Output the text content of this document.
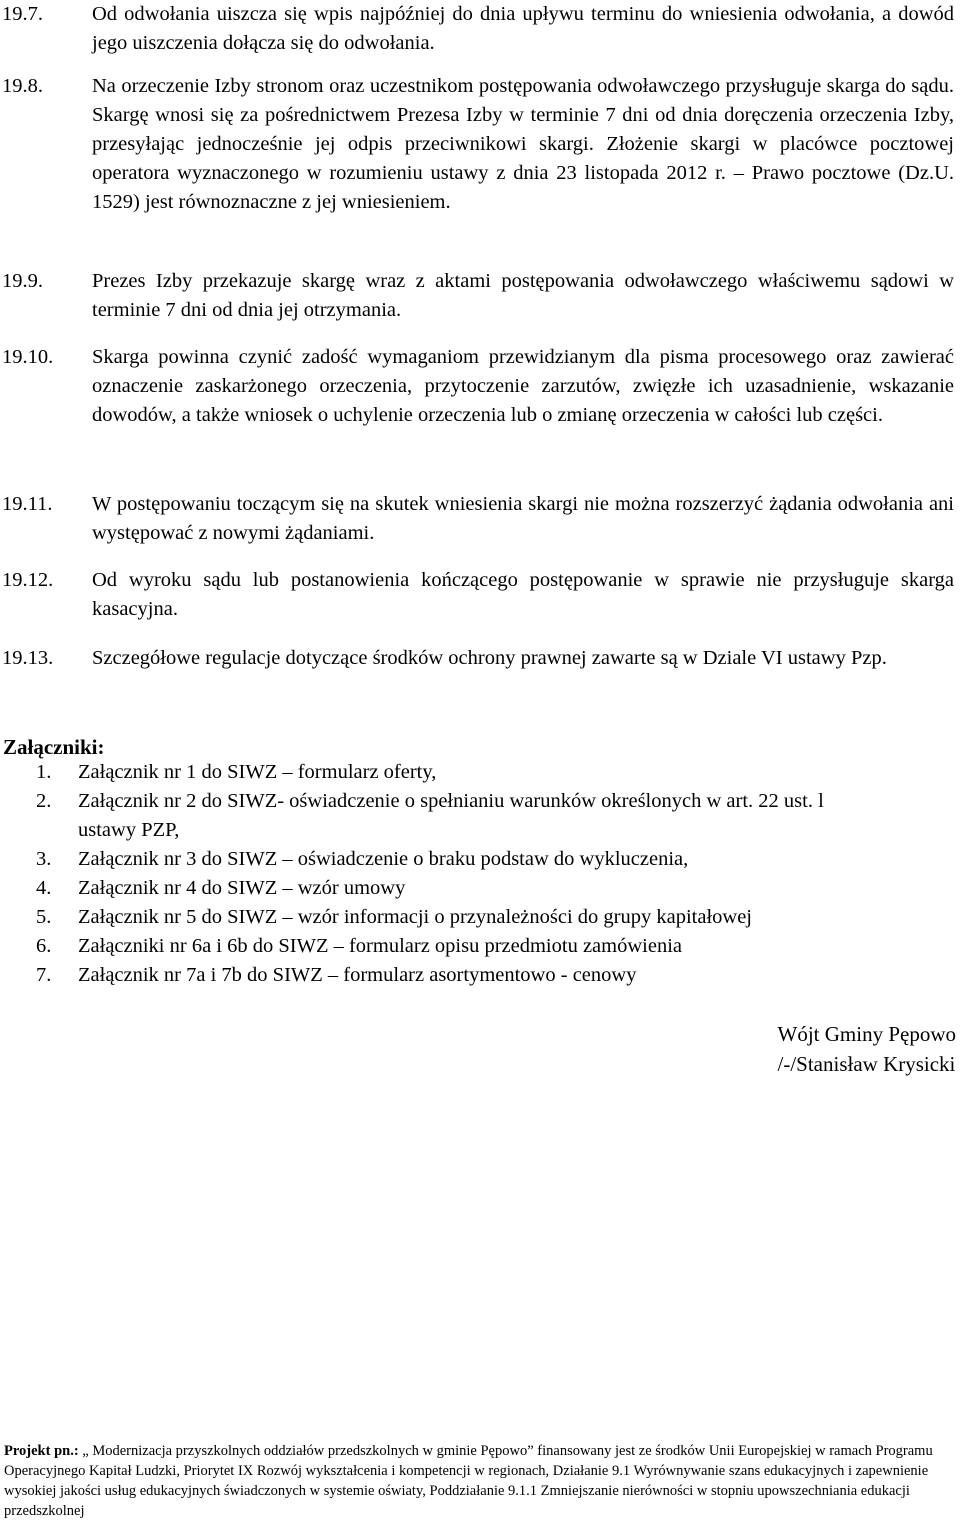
19.7.	Od odwołania uiszcza się wpis najpóźniej do dnia upływu terminu do wniesienia odwołania, a dowód jego uiszczenia dołącza się do odwołania.
19.8.	Na orzeczenie Izby stronom oraz uczestnikom postępowania odwoławczego przysługuje skarga do sądu. Skargę wnosi się za pośrednictwem Prezesa Izby w terminie 7 dni od dnia doręczenia orzeczenia Izby, przesyłając jednocześnie jej odpis przeciwnikowi skargi. Złożenie skargi w placówce pocztowej operatora wyznaczonego w rozumieniu ustawy z dnia 23 listopada 2012 r. – Prawo pocztowe (Dz.U. 1529) jest równoznaczne z jej wniesieniem.
19.9.	Prezes Izby przekazuje skargę wraz z aktami postępowania odwoławczego właściwemu sądowi w terminie 7 dni od dnia jej otrzymania.
19.10.	Skarga powinna czynić zadość wymaganiom przewidzianym dla pisma procesowego oraz zawierać oznaczenie zaskarżonego orzeczenia, przytoczenie zarzutów, zwięzłe ich uzasadnienie, wskazanie dowodów, a także wniosek o uchylenie orzeczenia lub o zmianę orzeczenia w całości lub części.
19.11.	W postępowaniu toczącym się na skutek wniesienia skargi nie można rozszerzyć żądania odwołania ani występować z nowymi żądaniami.
19.12.	Od wyroku sądu lub postanowienia kończącego postępowanie w sprawie nie przysługuje skarga kasacyjna.
19.13.	Szczegółowe regulacje dotyczące środków ochrony prawnej zawarte są w Dziale VI ustawy Pzp.
Załączniki:
1.	Załącznik nr 1 do SIWZ – formularz oferty,
2.	Załącznik nr 2 do SIWZ- oświadczenie o spełnianiu warunków określonych w art. 22 ust. l ustawy PZP,
3.	Załącznik nr 3 do SIWZ – oświadczenie o braku podstaw do wykluczenia,
4.	Załącznik nr 4 do SIWZ – wzór umowy
5.	Załącznik nr 5 do SIWZ – wzór informacji o przynależności do grupy kapitałowej
6.	Załączniki nr 6a i 6b do SIWZ – formularz opisu przedmiotu zamówienia
7.	Załącznik nr 7a i 7b do SIWZ – formularz asortymentowo - cenowy
Wójt Gminy Pępowo
/-/Stanisław Krysicki
Projekt pn.: „ Modernizacja przyszkolnych oddziałów przedszkolnych w gminie Pępowo” finansowany jest ze środków Unii Europejskiej w ramach Programu Operacyjnego Kapitał Ludzki, Priorytet IX Rozwój wykształcenia i kompetencji w regionach, Działanie 9.1 Wyrównywanie szans edukacyjnych i zapewnienie wysokiej jakości usług edukacyjnych świadczonych w systemie oświaty, Poddziałanie 9.1.1 Zmniejszanie nierówności w stopniu upowszechniania edukacji przedszkolnej
